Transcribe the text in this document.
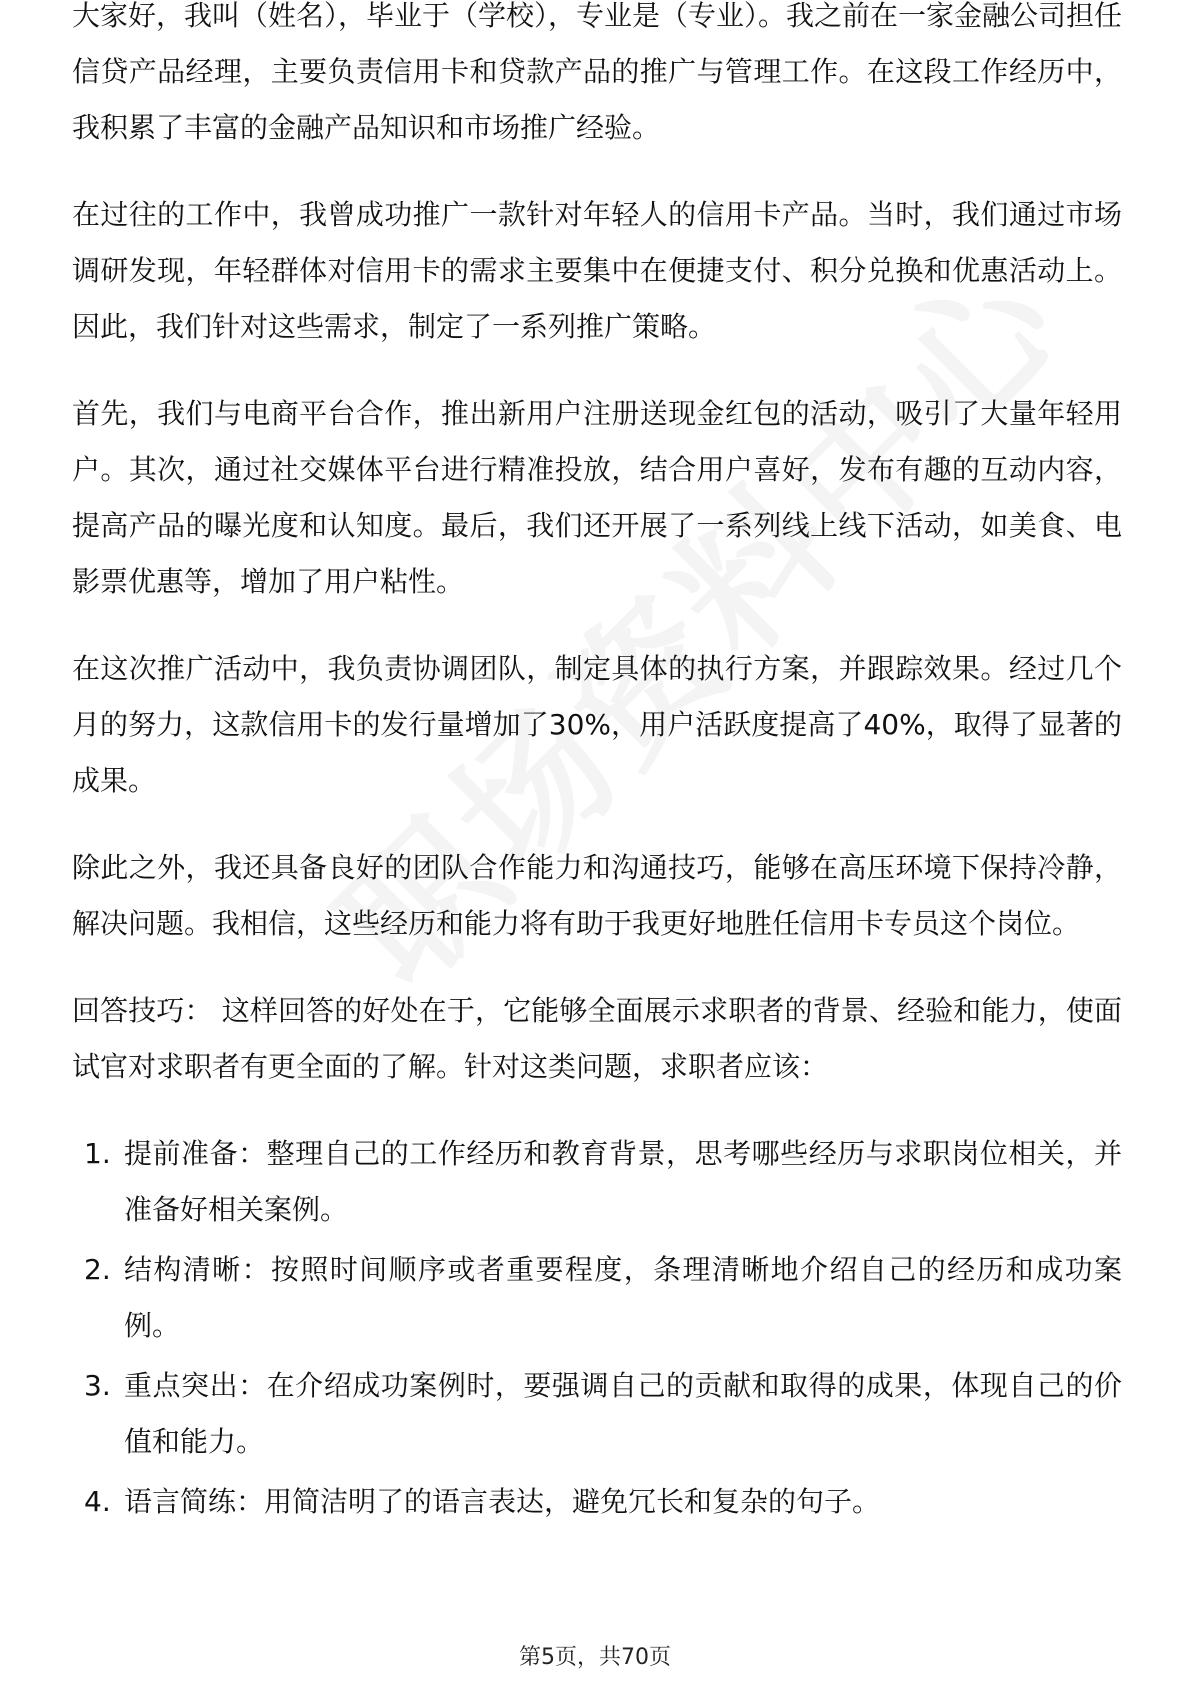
大家好，我叫（姓名），毕业于（学校），专业是（专业）。我之前在一家金融公司担任信贷产品经理，主要负责信用卡和贷款产品的推广与管理工作。在这段工作经历中，我积累了丰富的金融产品知识和市场推广经验。

在过往的工作中，我曾成功推广一款针对年轻人的信用卡产品。当时，我们通过市场调研发现，年轻群体对信用卡的需求主要集中在便捷支付、积分兑换和优惠活动上。因此，我们针对这些需求，制定了一系列推广策略。

首先，我们与电商平台合作，推出新用户注册送现金红包的活动，吸引了大量年轻用户。其次，通过社交媒体平台进行精准投放，结合用户喜好，发布有趣的互动内容，提高产品的曝光度和认知度。最后，我们还开展了一系列线上线下活动，如美食、电影票优惠等，增加了用户粘性。

在这次推广活动中，我负责协调团队，制定具体的执行方案，并跟踪效果。经过几个月的努力，这款信用卡的发行量增加了30%，用户活跃度提高了40%，取得了显著的成果。

除此之外，我还具备良好的团队合作能力和沟通技巧，能够在高压环境下保持冷静，解决问题。我相信，这些经历和能力将有助于我更好地胜任信用卡专员这个岗位。

回答技巧： 这样回答的好处在于，它能够全面展示求职者的背景、经验和能力，使面试官对求职者有更全面的了解。针对这类问题，求职者应该：

1. 提前准备：整理自己的工作经历和教育背景，思考哪些经历与求职岗位相关，并准备好相关案例。
2. 结构清晰：按照时间顺序或者重要程度，条理清晰地介绍自己的经历和成功案例。
3. 重点突出：在介绍成功案例时，要强调自己的贡献和取得的成果，体现自己的价值和能力。
4. 语言简练：用简洁明了的语言表达，避免冗长和复杂的句子。
第5页，共70页
